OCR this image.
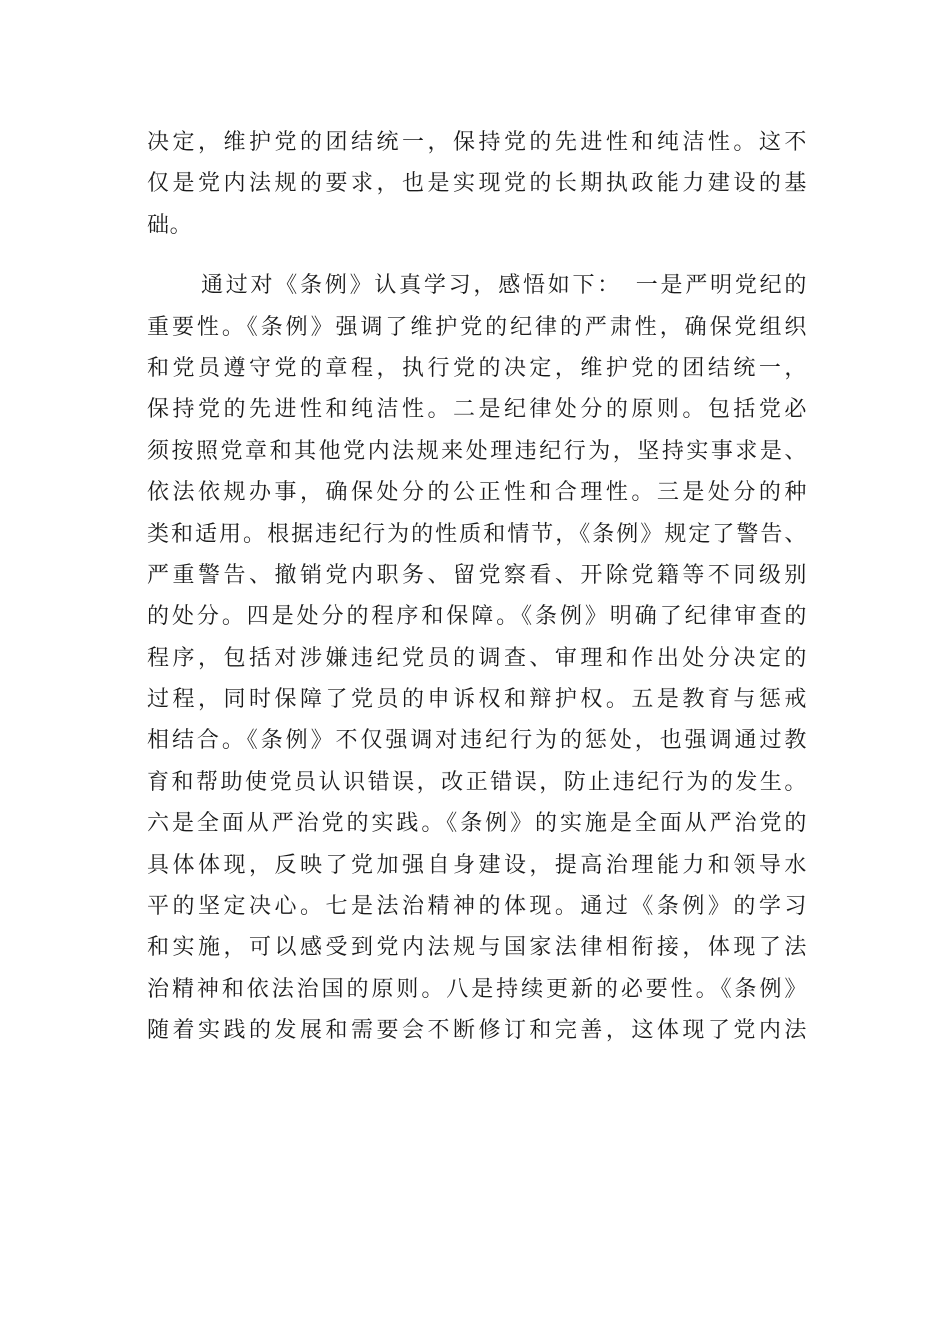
决定，维护党的团结统一，保持党的先进性和纯洁性。这不
仅是党内法规的要求，也是实现党的长期执政能力建设的基
础。
通过对《条例》认真学习，感悟如下：　一是严明党纪的
重要性。《条例》强调了维护党的纪律的严肃性，确保党组织
和党员遵守党的章程，执行党的决定，维护党的团结统一，
保持党的先进性和纯洁性。二是纪律处分的原则。包括党必
须按照党章和其他党内法规来处理违纪行为，坚持实事求是、
依法依规办事，确保处分的公正性和合理性。三是处分的种
类和适用。根据违纪行为的性质和情节，《条例》规定了警告、
严重警告、撤销党内职务、留党察看、开除党籍等不同级别
的处分。四是处分的程序和保障。《条例》明确了纪律审查的
程序，包括对涉嫌违纪党员的调查、审理和作出处分决定的
过程，同时保障了党员的申诉权和辩护权。五是教育与惩戒
相结合。《条例》不仅强调对违纪行为的惩处，也强调通过教
育和帮助使党员认识错误，改正错误，防止违纪行为的发生。
六是全面从严治党的实践。《条例》的实施是全面从严治党的
具体体现，反映了党加强自身建设，提高治理能力和领导水
平的坚定决心。七是法治精神的体现。通过《条例》的学习
和实施，可以感受到党内法规与国家法律相衔接，体现了法
治精神和依法治国的原则。八是持续更新的必要性。《条例》
随着实践的发展和需要会不断修订和完善，这体现了党内法
